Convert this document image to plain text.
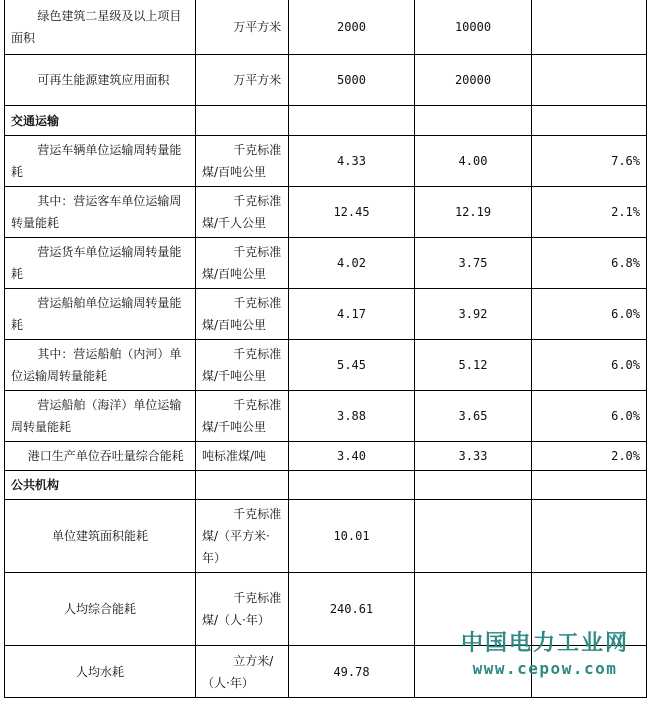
绿色建筑二星级及以上项目面积	万平方米	2000	10000	

可再生能源建筑应用面积	万平方米	5000	20000	
交通运输				

营运车辆单位运输周转量能耗	千克标准煤/百吨公里	4.33	4.00	7.6%

其中：营运客车单位运输周转量能耗	千克标准煤/千人公里	12.45	12.19	2.1%

营运货车单位运输周转量能耗	千克标准煤/百吨公里	4.02	3.75	6.8%

营运船舶单位运输周转量能耗	千克标准煤/百吨公里	4.17	3.92	6.0%

其中：营运船舶（内河）单位运输周转量能耗	千克标准煤/千吨公里	5.45	5.12	6.0%

营运船舶（海洋）单位运输周转量能耗	千克标准煤/千吨公里	3.88	3.65	6.0%

港口生产单位吞吐量综合能耗	吨标准煤/吨	3.40	3.33	2.0%
公共机构				
单位建筑面积能耗	千克标准煤/（平方米·年）	10.01		
人均综合能耗	千克标准煤/（人·年）	240.61		
人均水耗	立方米/（人·年）	49.78		
中国电力工业网
www.cepow.com
